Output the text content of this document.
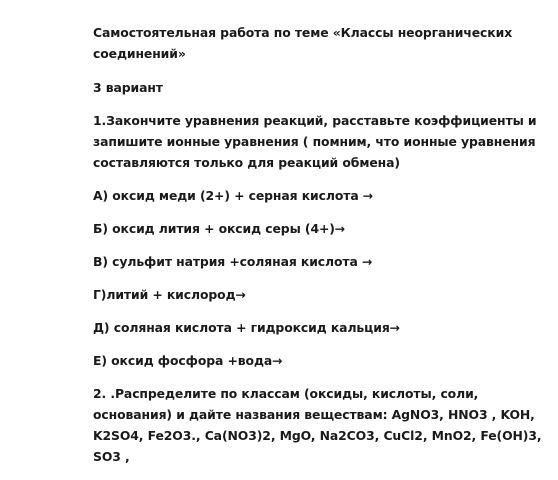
Самостоятельная работа по теме «Классы неорганических
соединений»
3 вариант
1.Закончите уравнения реакций, расставьте коэффициенты и
запишите ионные уравнения ( помним, что ионные уравнения
составляются только для реакций обмена)
А) оксид меди (2+) + серная кислота →
Б) оксид лития + оксид серы (4+)→
В) сульфит натрия +соляная кислота →
Г)литий + кислород→
Д) соляная кислота + гидроксид кальция→
Е) оксид фосфора +вода→
2. .Распределите по классам (оксиды, кислоты, соли,
основания) и дайте названия веществам: AgNO3, HNO3 , KOH,
K2SO4, Fe2O3., Ca(NO3)2, MgO, Na2CO3, CuCl2, MnO2, Fe(OH)3,
SO3 ,
